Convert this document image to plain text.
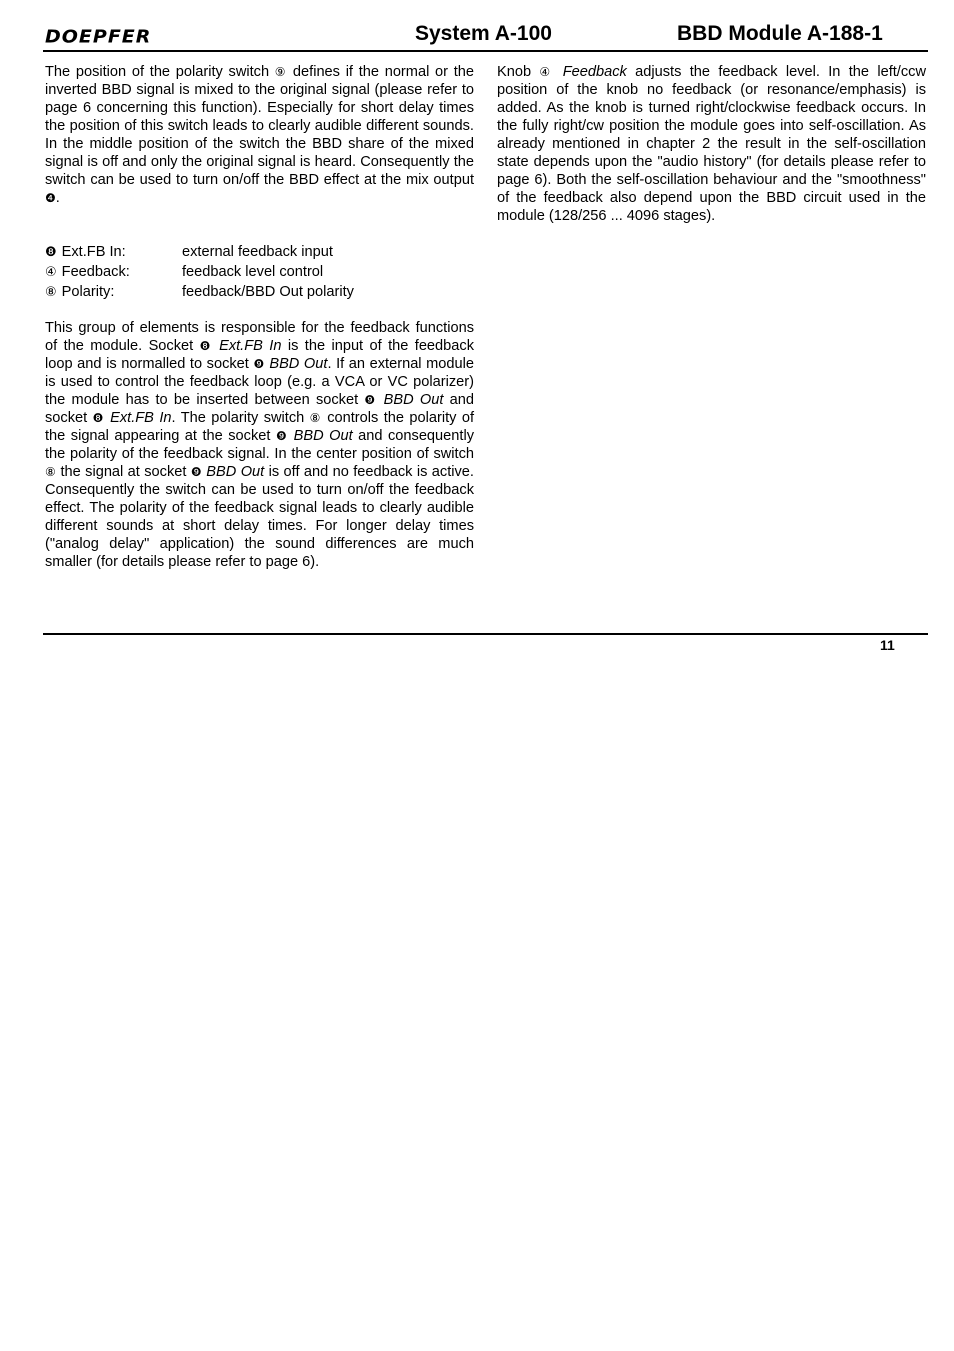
DOEPFER	System A-100	BBD Module A-188-1

The position of the polarity switch ⑨ defines if the normal or the inverted BBD signal is mixed to the original signal (please refer to page 6 concerning this function). Especially for short delay times the position of this switch leads to clearly audible different sounds. In the middle position of the switch the BBD share of the mixed signal is off and only the original signal is heard. Consequently the switch can be used to turn on/off the BBD effect at the mix output ❹.

❽ Ext.FB In:	external feedback input
④ Feedback:	feedback level control
⑧ Polarity:	feedback/BBD Out polarity

This group of elements is responsible for the feedback functions of the module. Socket ❽ Ext.FB In is the input of the feedback loop and is normalled to socket ❾ BBD Out. If an external module is used to control the feedback loop (e.g. a VCA or VC polarizer) the module has to be inserted between socket ❾ BBD Out and socket ❽ Ext.FB In. The polarity switch ⑧ controls the polarity of the signal appearing at the socket ❾ BBD Out and consequently the polarity of the feedback signal. In the center position of switch ⑧ the signal at socket ❾ BBD Out is off and no feedback is active. Consequently the switch can be used to turn on/off the feedback effect. The polarity of the feedback signal leads to clearly audible different sounds at short delay times. For longer delay times ("analog delay" application) the sound differences are much smaller (for details please refer to page 6).

Knob ④ Feedback adjusts the feedback level. In the left/ccw position of the knob no feedback (or resonance/emphasis) is added. As the knob is turned right/clockwise feedback occurs. In the fully right/cw position the module goes into self-oscillation. As already mentioned in chapter 2 the result in the self-oscillation state depends upon the "audio history" (for details please refer to page 6). Both the self-oscillation behaviour and the "smoothness" of the feedback also depend upon the BBD circuit used in the module (128/256 ... 4096 stages).

11
